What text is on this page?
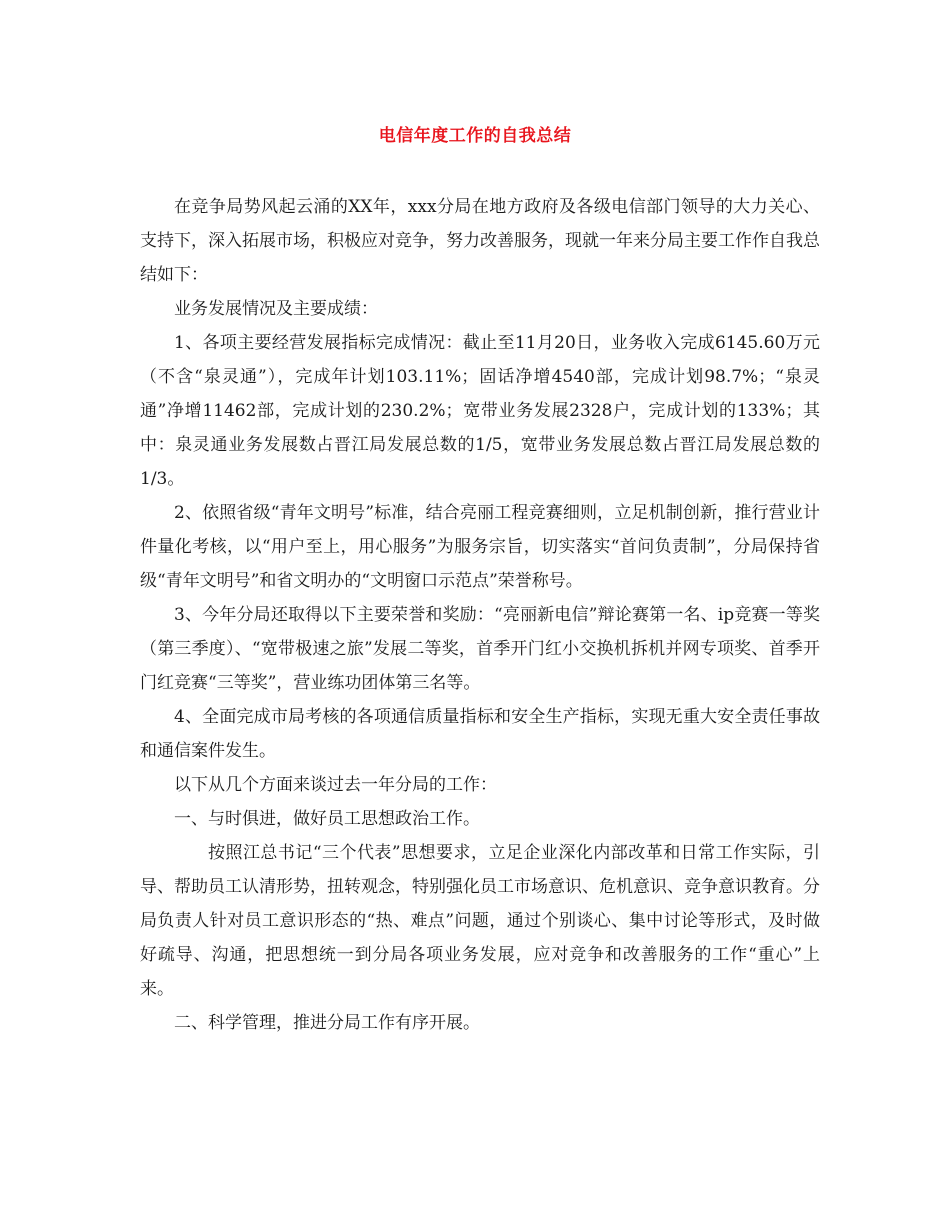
电信年度工作的自我总结

在竞争局势风起云涌的XX年，xxx分局在地方政府及各级电信部门领导的大力关心、支持下，深入拓展市场，积极应对竞争，努力改善服务，现就一年来分局主要工作作自我总结如下：

业务发展情况及主要成绩：

1、各项主要经营发展指标完成情况：截止至11月20日，业务收入完成6145.60万元（不含“泉灵通”），完成年计划103.11%；固话净增4540部，完成计划98.7%；“泉灵通”净增11462部，完成计划的230.2%；宽带业务发展2328户，完成计划的133%；其中：泉灵通业务发展数占晋江局发展总数的1/5，宽带业务发展总数占晋江局发展总数的1/3。

2、依照省级“青年文明号”标准，结合亮丽工程竞赛细则，立足机制创新，推行营业计件量化考核，以“用户至上，用心服务”为服务宗旨，切实落实“首问负责制”，分局保持省级“青年文明号”和省文明办的“文明窗口示范点”荣誉称号。

3、今年分局还取得以下主要荣誉和奖励：“亮丽新电信”辩论赛第一名、ip竞赛一等奖（第三季度）、“宽带极速之旅”发展二等奖，首季开门红小交换机拆机并网专项奖、首季开门红竞赛“三等奖”，营业练功团体第三名等。

4、全面完成市局考核的各项通信质量指标和安全生产指标，实现无重大安全责任事故和通信案件发生。

以下从几个方面来谈过去一年分局的工作：

一、与时俱进，做好员工思想政治工作。

按照江总书记“三个代表”思想要求，立足企业深化内部改革和日常工作实际，引导、帮助员工认清形势，扭转观念，特别强化员工市场意识、危机意识、竞争意识教育。分局负责人针对员工意识形态的“热、难点”问题，通过个别谈心、集中讨论等形式，及时做好疏导、沟通，把思想统一到分局各项业务发展，应对竞争和改善服务的工作“重心”上来。

二、科学管理，推进分局工作有序开展。
